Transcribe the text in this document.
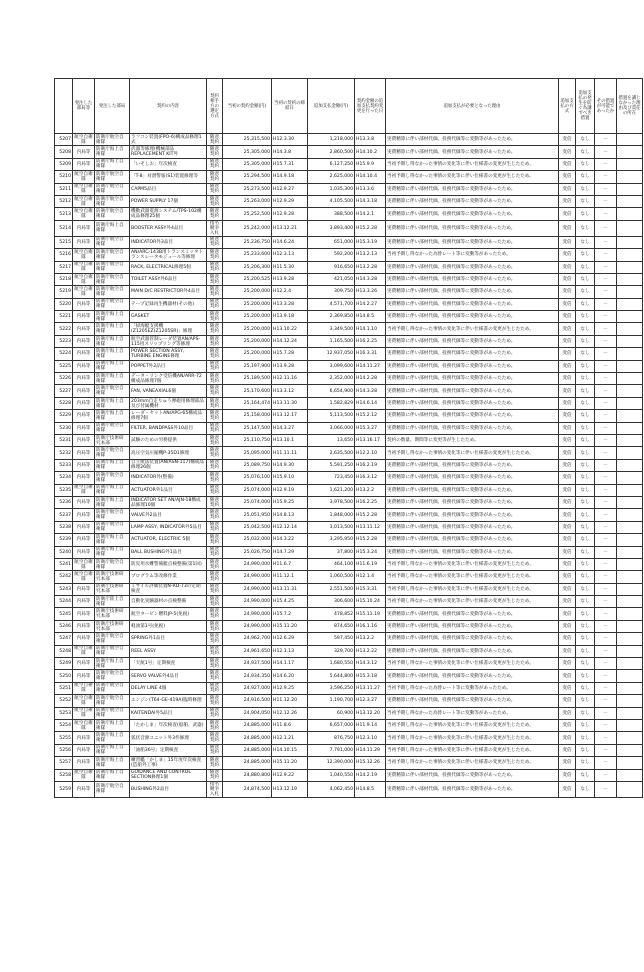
	発注した部局等	発注した部局	契約の内容	契約相手方の選定方式	当初の契約金額(円)	当初の契約の締結日	追加支払金額(円)	契約金額の追加支払契約変更を行った日	追加支払が必要となった理由	追加支払の方式	追加支払の発生を防ぐ為講ずべき措置	その措置が可能であったか	措置を講じなかった理由及び責任の所在
5207	航空自衛隊	防衛庁航空自衛隊	ラフコン装置(FPO-6)構成品修理1式	随意契約	25,315,500	H12.3.30	1,218,000	H13.3.8	実費精算に伴い部材代価、役務代価等に変動等があったため。	変倍	なし	－	
5208	内局等	防衛庁海上自衛隊	武器等修理(機械部品REPLACEMENT KIT外	随意契約	25,305,000	H14.3.8	2,860,500	H14.10.2	実費精算に伴い部材代価、役務代価等に変動等があったため。	変倍	なし	－	
5209	内局等	防衛庁海上自衛隊	「いそしお」年次検査	随意契約	25,305,000	H15.7.31	6,127,250	H15.9.9	当初予期し得なかった事情の変化等に伴い仕様書の変更が生じたため。	変倍	なし	－	
5210	航空自衛隊	防衛庁航空自衛隊	「T-8」対潜警報(S1)装置修理等	随意契約	25,294,500	H14.9.18	2,625,000	H14.10.4	当初予期し得なかった事情の変化等に伴い仕様書の変更が生じたため。	変倍	なし	－	
5211	航空自衛隊	防衛庁航空自衛隊	CAPM5品目	随意契約	25,273,500	H12.9.27	1,035,300	H13.3.6	実費精算に伴い部材代価、役務代価等に変動等があったため。	変倍	なし	－	
5212	航空自衛隊	防衛庁航空自衛隊	POWER SUPPLY 17個	随意契約	25,263,000	H12.9.29	4,105,500	H14.3.18	実費精算に伴い部材代価、役務代価等に変動等があったため。	変倍	なし	－	
5213	航空自衛隊	防衛庁航空自衛隊	機動武器電源システム/TPS-102構成品修理25個	随意契約	25,252,500	H12.9.28	388,500	H14.2.1	実費精算に伴い部材代価、役務代価等に変動等があったため。	変倍	なし	－	
5214	内局等	防衛庁海上自衛隊	BOOSTER ASSY外4品目	指名競争入札	25,242,000	H13.12.21	3,893,400	H15.2.28	実費精算に伴い部材代価、役務代価等に変動等があったため。	変倍	なし	－	
5215	内局等	防衛庁航空自衛隊	INDICATOR外3品目	随意契約	25,236,750	H14.6.24	651,000	H15.3.19	実費精算に伴い部材代価、役務代価等に変動等があったため。	変倍	なし	－	
5216	航空自衛隊	防衛庁航空自衛隊	AN/ARC-143B用トランスミッタトランスレータモジュール等修理	随意契約	25,233,600	H12.3.13	592,200	H13.2.13	当初予期し得なかった為替レート等に変動等があったため。	変倍	なし	－	
5217	航空自衛隊	防衛庁航空自衛隊	RACK, ELECTRICAL修理5個	随意契約	25,206,300	H11.5.30	916,650	H13.2.28	実費精算に伴い部材代価、役務代価等に変動等があったため。	変倍	なし	－	
5218	航空自衛隊	防衛庁航空自衛隊	TOILET ASSY外6品目	随意契約	25,200,525	H13.9.28	421,050	H14.3.28	実費精算に伴い部材代価、役務代価等に変動等があったため。	変倍	なし	－	
5219	航空自衛隊	防衛庁航空自衛隊	MAIN D/C RESTRICTOR外4品目	随意契約	25,200,000	H12.2.4	309,750	H13.3.26	実費精算に伴い部材代価、役務代価等に変動等があったため。	変倍	なし	－	
5220	内局等	防衛庁航空自衛隊	テープ記録再生機器材(その他)	随意契約	25,200,000	H13.3.28	4,571,700	H14.2.27	実費精算に伴い部材代価、役務代価等に変動等があったため。	変倍	なし	－	
5221	内局等	防衛庁海上自衛隊	GASKET	随意契約	25,200,000	H13.9.18	2,369,850	H14.8.5	実費精算に伴い部材代価、役務代価等に変動等があったため。	変倍	なし	－	
5222	内局等	防衛庁海上自衛隊	「掃海艇支援機(Z1205EZ)Z1205SR)」修理	随意契約	25,200,000	H13.10.22	3,349,500	H14.1.10	当初予期し得なかった事情の変化等に伴い仕様書の変更が生じたため。	変倍	なし	－	
5223	内局等	防衛庁海上自衛隊	航空武器管制レーダ装置AN/APS-115用スリップリング等修理	随意契約	25,200,000	H14.12.24	1,165,500	H16.2.25	実費精算に伴い部材代価、役務代価等に変動等があったため。	変倍	なし	－	
5224	内局等	防衛庁海上自衛隊	POWER SECTION ASSY, TURBINE ENGINE修理	随意契約	25,200,000	H15.7.28	12,937,050	H16.3.31	実費精算に伴い部材代価、役務代価等に変動等があったため。	変倍	なし	－	
5225	内局等	防衛庁海上自衛隊	POPPET外2品目	随意契約	25,197,900	H13.9.28	3,099,600	H14.11.27	実費精算に伴い部材代価、役務代価等に変動等があったため。	変倍	なし	－	
5226	内局等	防衛庁海上自衛隊	データ・リンク受信機AN/ARR-72構成品修理7個	随意契約	25,189,500	H12.11.16	2,352,000	H14.2.28	実費精算に伴い部材代価、役務代価等に変動等があったため。	変倍	なし	－	
5227	内局等	防衛庁航空自衛隊	FAN, VANEAXIAL6個	随意契約	25,170,600	H13.3.12	6,654,900	H14.3.28	実費精算に伴い部材代価、役務代価等に変動等があったため。	変倍	なし	－	
5228	内局等	防衛庁海上自衛隊	203mm自走りゅう弾砲用修理部品及び付属機材	随意契約	25,164,474	H13.11.30	1,582,829	H14.6.14	実費精算に伴い部材代価、役務代価等に変動等があったため。	変倍	なし	－	
5229	内局等	防衛庁海上自衛隊	レーダ・セットAN/APG-65構成品修理7個	随意契約	25,158,000	H13.12.17	5,113,500	H15.2.12	実費精算に伴い部材代価、役務代価等に変動等があったため。	変倍	なし	－	
5230	内局等	防衛庁航空自衛隊	FILTER, BANDPASS外10品目	随意契約	25,147,500	H14.3.27	3,066,000	H15.3.27	実費精算に伴い部材代価、役務代価等に変動等があったため。	変倍	なし	－	
5231	内局等	防衛庁技術研究本部	試験のための労務提供	随意契約	25,110,750	H13.10.1	13,650	H13.16.17	契約の数量、期間等に変更等が生じたため。	変倍	なし	－	
5232	内局等	防衛庁航空自衛隊	高圧空気圧縮機P-35D1修理	随意契約	25,095,000	H11.11.11	2,635,500	H12.2.10	当初予期し得なかった事情の変化等に伴い仕様書の変更が生じたため。	変倍	なし	－	
5233	内局等	防衛庁海上自衛隊	自立航法装置(AN/ASN-117)構成品修理26個	随意契約	25,089,750	H14.9.30	5,591,250	H16.2.19	実費精算に伴い部材代価、役務代価等に変動等があったため。	変倍	なし	－	
5234	内局等	防衛庁航空自衛隊	INDICATOR外(整備)	随意契約	25,076,100	H15.9.10	723,450	H16.3.12	実費精算に伴い部材代価、役務代価等に変動等があったため。	変倍	なし	－	
5235	航空自衛隊	防衛庁海上自衛隊	ACTUATOR外1品目	随意契約	25,074,000	H12.9.19	1,621,200	H13.2.2	実費精算に伴い部材代価、役務代価等に変動等があったため。	変倍	なし	－	
5236	内局等	防衛庁海上自衛隊	INDICATOR SET AN/AJN-18構成品修理10個	随意契約	25,074,000	H15.9.25	3,978,500	H16.2.25	実費精算に伴い部材代価、役務代価等に変動等があったため。	変倍	なし	－	
5237	内局等	防衛庁航空自衛隊	VALVE外2品目	随意契約	25,051,950	H14.8.13	1,848,000	H15.2.28	実費精算に伴い部材代価、役務代価等に変動等があったため。	変倍	なし	－	
5238	内局等	防衛庁航空自衛隊	LAMP ASSY, INDICATOR外5品目	随意契約	25,042,500	H12.12.14	3,013,500	H13.11.12	実費精算に伴い部材代価、役務代価等に変動等があったため。	変倍	なし	－	
5239	内局等	防衛庁海上自衛隊	ACTUATOR, ELECTRIC 5個	随意契約	25,032,000	H14.3.22	3,295,950	H15.2.28	実費精算に伴い部材代価、役務代価等に変動等があったため。	変倍	なし	－	
5240	内局等	防衛庁海上自衛隊	BALL BUSHING外1品目	随意契約	25,026,750	H14.7.29	37,800	H15.3.24	実費精算に伴い部材代価、役務代価等に変動等があったため。	変倍	なし	－	
5241	航空自衛隊	防衛庁航空自衛隊	防災用水難警備艇点検整備(第1回)	随意契約	24,990,000	H11.6.7	464,100	H11.6.19	当初予期し得なかった事情の変化等に伴い仕様書の変更が生じたため。	変倍	なし	－	
5242	航空自衛隊	防衛庁技術研究本部	プログラム等改修作業	随意契約	24,990,000	H11.12.1	1,060,500	H12.1.4	当初予期し得なかった事情の変化等に伴い仕様書の変更が生じたため。	変倍	なし	－	
5243	内局等	防衛庁技術研究本部	ミサイル評価装置N-RD-73の定期検査	随意契約	24,990,000	H13.11.31	2,551,500	H15.3.31	当初予期し得なかった事情の変化等に伴い仕様書の変更が生じたため。	変倍	なし	－	
5244	内局等	防衛庁陸上自衛隊	自動化実験器材の点検整備	随意契約	24,990,000	H15.4.25	306,600	H15.10.24	当初予期し得なかった事情の変化等に伴い仕様書の変更が生じたため。	変倍	なし	－	
5245	内局等	防衛庁技術研究本部	航空タービン燃料JP-5(免税)	随意契約	24,990,000	H15.7.2	478,852	H15.11.19	実費精算に伴い部材代価、役務代価等に変動等があったため。	変倍	なし	－	
5246	内局等	防衛庁技術研究本部	軽油第1号(免税)	随意契約	24,990,000	H15.11.20	874,650	H16.1.16	実費精算に伴い部材代価、役務代価等に変動等があったため。	変倍	なし	－	
5247	内局等	防衛庁航空自衛隊	SPRING外1品目	随意契約	24,962,700	H12.6.29	597,450	H13.2.2	実費精算に伴い部材代価、役務代価等に変動等があったため。	変倍	なし	－	
5248	航空自衛隊	防衛庁航空自衛隊	REEL ASSY	随意契約	24,961,650	H12.1.13	329,700	H13.2.22	実費精算に伴い部材代価、役務代価等に変動等があったため。	変倍	なし	－	
5249	内局等	防衛庁海上自衛隊	「天航1号」定期検査	随意契約	24,937,500	H14.1.17	1,680,550	H14.3.12	当初予期し得なかった事情の変化等に伴い仕様書の変更が生じたため。	変倍	なし	－	
5250	内局等	防衛庁航空自衛隊	SERVO VALVE外4品目	随意契約	24,934,350	H14.6.20	5,644,800	H15.3.18	実費精算に伴い部材代価、役務代価等に変動等があったため。	変倍	なし	－	
5251	航空自衛隊	防衛庁航空自衛隊	DELAY LINE 4個	随意契約	24,927,000	H12.9.25	3,596,250	H13.11.27	当初予期し得なかった為替レート等に変動等があったため。	変倍	なし	－	
5252	航空自衛隊	防衛庁航空自衛隊	エンジン(T64-GE-419A)臨時修理	随意契約	24,916,500	H11.12.20	1,190,700	H12.3.27	実費精算に伴い部材代価、役務代価等に変動等があったため。	変倍	なし	－	
5253	航空自衛隊	防衛庁航空自衛隊	KAITENDAI外5品目	随意契約	24,904,050	H12.12.26	60,900	H13.12.20	当初予期し得なかった為替レート等に変動等があったため。	変倍	なし	－	
5254	航空自衛隊	防衛庁海上自衛隊	「たかしま」年次検査(船舶、武器)	随意契約	24,885,000	H11.8.6	6,657,000	H11.9.14	当初予期し得なかった事情の変化等に伴い仕様書の変更が生じたため。	変倍	なし	－	
5255	内局等	防衛庁海上自衛隊	弧状音源ユニット外3件修理	随意契約	24,885,000	H12.1.21	876,750	H12.3.10	当初予期し得なかった事情の変化等に伴い仕様書の変更が生じたため。	変倍	なし	－	
5256	内局等	防衛庁海上自衛隊	「油船36号」定期検査	随意契約	24,885,000	H14.10.15	7,791,000	H14.11.29	当初予期し得なかった事情の変化等に伴い仕様書の変更が生じたため。	変倍	なし	－	
5257	内局等	防衛庁海上自衛隊	練習艦「かしま」15年度年次検査(造船外工事)	随意契約	24,885,000	H15.11.20	12,390,000	H15.12.26	当初予期し得なかった事情の変化等に伴い仕様書の変更が生じたため。	変倍	なし	－	
5258	航空自衛隊	防衛庁海上自衛隊	GUIDANCE AND CONTROL SECTION修理1個	随意契約	24,880,800	H12.9.22	1,040,550	H14.2.19	実費精算に伴い部材代価、役務代価等に変動等があったため。	変倍	なし	－	
5259	内局等	防衛庁航空自衛隊	BUSHING外2品目	指名競争入札	24,874,500	H13.12.19	4,062,450	H14.8.5	実費精算に伴い部材代価、役務代価等に変動等があったため。	変倍	なし	－	
